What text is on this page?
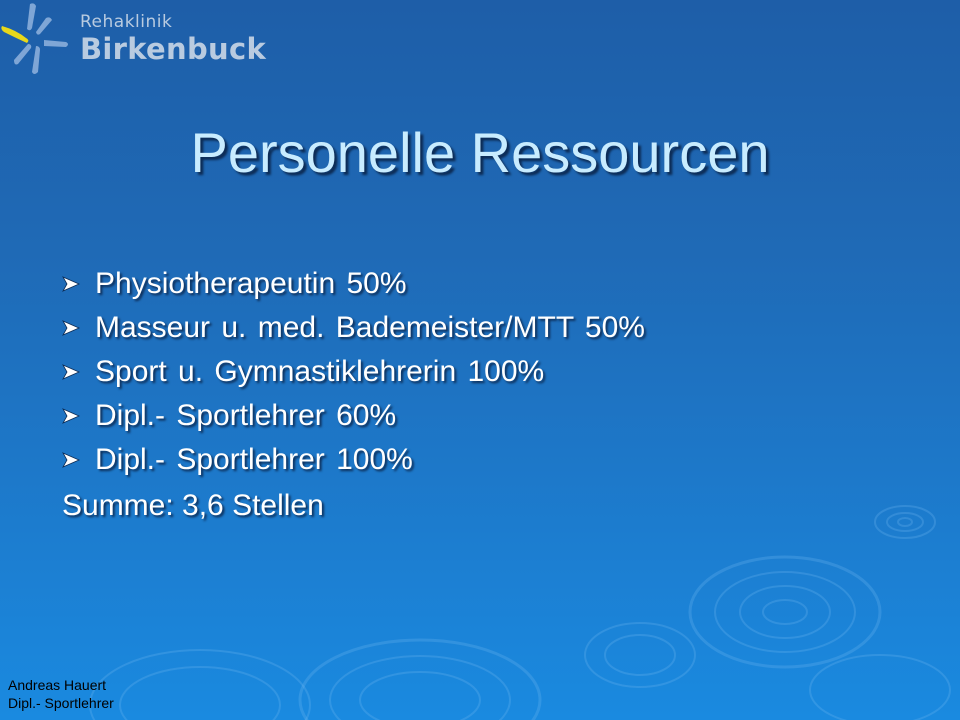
Rehaklinik
Birkenbuck
Personelle Ressourcen
Physiotherapeutin 50%
Masseur u. med. Bademeister/MTT 50%
Sport u. Gymnastiklehrerin 100%
Dipl.- Sportlehrer 60%
Dipl.- Sportlehrer 100%
Summe: 3,6 Stellen
Andreas Hauert
Dipl.- Sportlehrer
